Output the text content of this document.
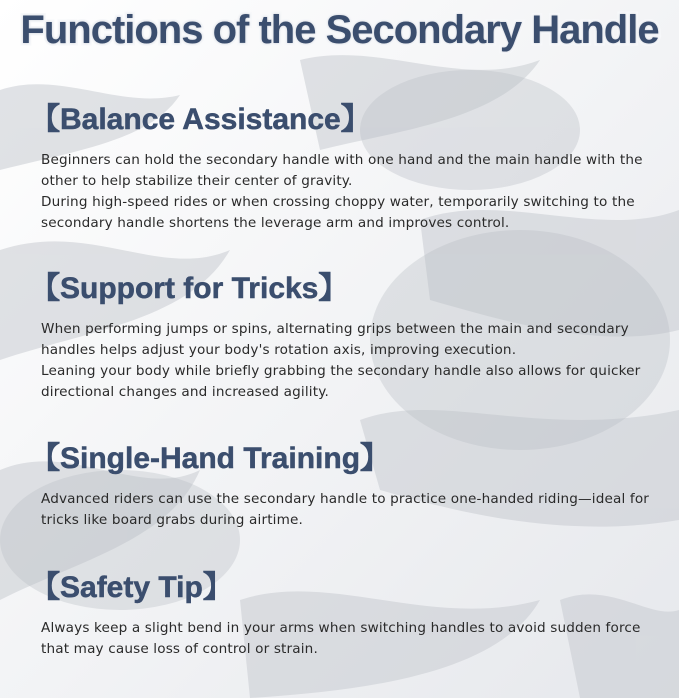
Functions of the Secondary Handle
【Balance Assistance】

Beginners can hold the secondary handle with one hand and the main handle with the other to help stabilize their center of gravity.

During high-speed rides or when crossing choppy water, temporarily switching to the secondary handle shortens the leverage arm and improves control.

【Support for Tricks】

When performing jumps or spins, alternating grips between the main and secondary handles helps adjust your body's rotation axis, improving execution.

Leaning your body while briefly grabbing the secondary handle also allows for quicker directional changes and increased agility.

【Single-Hand Training】

Advanced riders can use the secondary handle to practice one-handed riding—ideal for tricks like board grabs during airtime.

【Safety Tip】

Always keep a slight bend in your arms when switching handles to avoid sudden force that may cause loss of control or strain.
